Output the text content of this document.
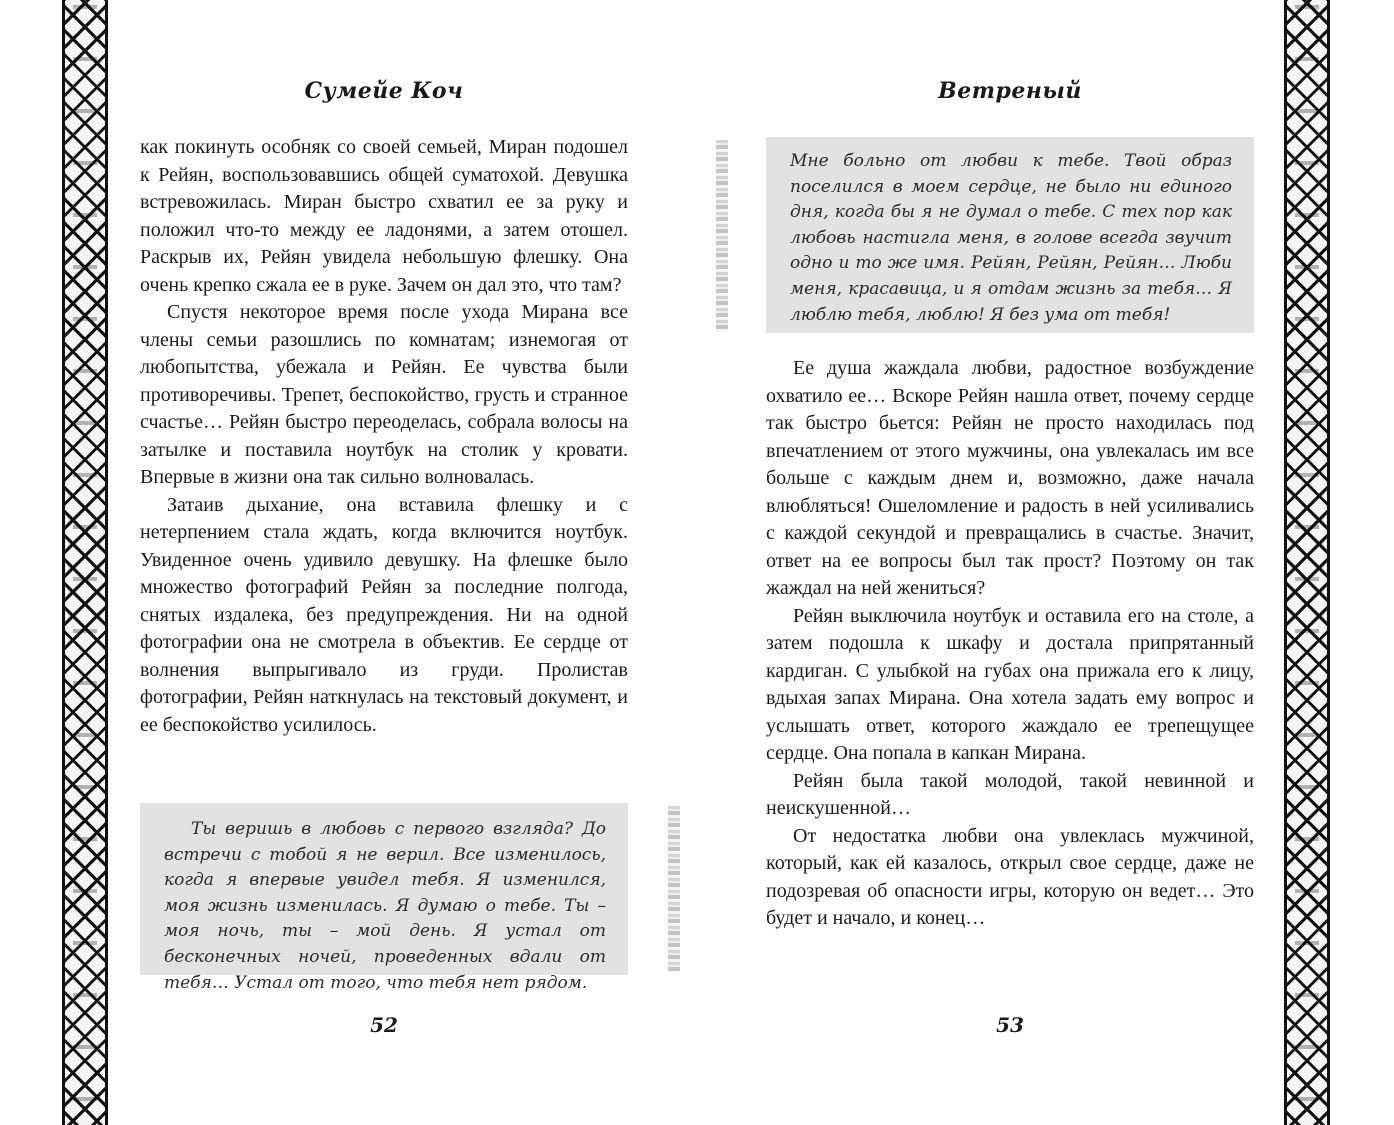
Сумейе Коч

как покинуть особняк со своей семьей, Миран подошел к Рейян, воспользовавшись общей суматохой. Девушка встревожилась. Миран быстро схватил ее за руку и положил что-то между ее ладонями, а затем отошел. Раскрыв их, Рейян увидела небольшую флешку. Она очень крепко сжала ее в руке. Зачем он дал это, что там?

Спустя некоторое время после ухода Мирана все члены семьи разошлись по комнатам; изнемогая от любопытства, убежала и Рейян. Ее чувства были противоречивы. Трепет, беспокойство, грусть и странное счастье… Рейян быстро переоделась, собрала волосы на затылке и поставила ноутбук на столик у кровати. Впервые в жизни она так сильно волновалась.

Затаив дыхание, она вставила флешку и с нетерпением стала ждать, когда включится ноутбук. Увиденное очень удивило девушку. На флешке было множество фотографий Рейян за последние полгода, снятых издалека, без предупреждения. Ни на одной фотографии она не смотрела в объектив. Ее сердце от волнения выпрыгивало из груди. Пролистав фотографии, Рейян наткнулась на текстовый документ, и ее беспокойство усилилось.

Ты веришь в любовь с первого взгляда? До встречи с тобой я не верил. Все изменилось, когда я впервые увидел тебя. Я изменился, моя жизнь изменилась. Я думаю о тебе. Ты – моя ночь, ты – мой день. Я устал от бесконечных ночей, проведенных вдали от тебя… Устал от того, что тебя нет рядом.

52
Ветреный

Мне больно от любви к тебе. Твой образ поселился в моем сердце, не было ни единого дня, когда бы я не думал о тебе. С тех пор как любовь настигла меня, в голове всегда звучит одно и то же имя. Рейян, Рейян, Рейян… Люби меня, красавица, и я отдам жизнь за тебя… Я люблю тебя, люблю! Я без ума от тебя!

Ее душа жаждала любви, радостное возбуждение охватило ее… Вскоре Рейян нашла ответ, почему сердце так быстро бьется: Рейян не просто находилась под впечатлением от этого мужчины, она увлекалась им все больше с каждым днем и, возможно, даже начала влюбляться! Ошеломление и радость в ней усиливались с каждой секундой и превращались в счастье. Значит, ответ на ее вопросы был так прост? Поэтому он так жаждал на ней жениться?

Рейян выключила ноутбук и оставила его на столе, а затем подошла к шкафу и достала припрятанный кардиган. С улыбкой на губах она прижала его к лицу, вдыхая запах Мирана. Она хотела задать ему вопрос и услышать ответ, которого жаждало ее трепещущее сердце. Она попала в капкан Мирана.

Рейян была такой молодой, такой невинной и неискушенной…

От недостатка любви она увлеклась мужчиной, который, как ей казалось, открыл свое сердце, даже не подозревая об опасности игры, которую он ведет… Это будет и начало, и конец…

53
